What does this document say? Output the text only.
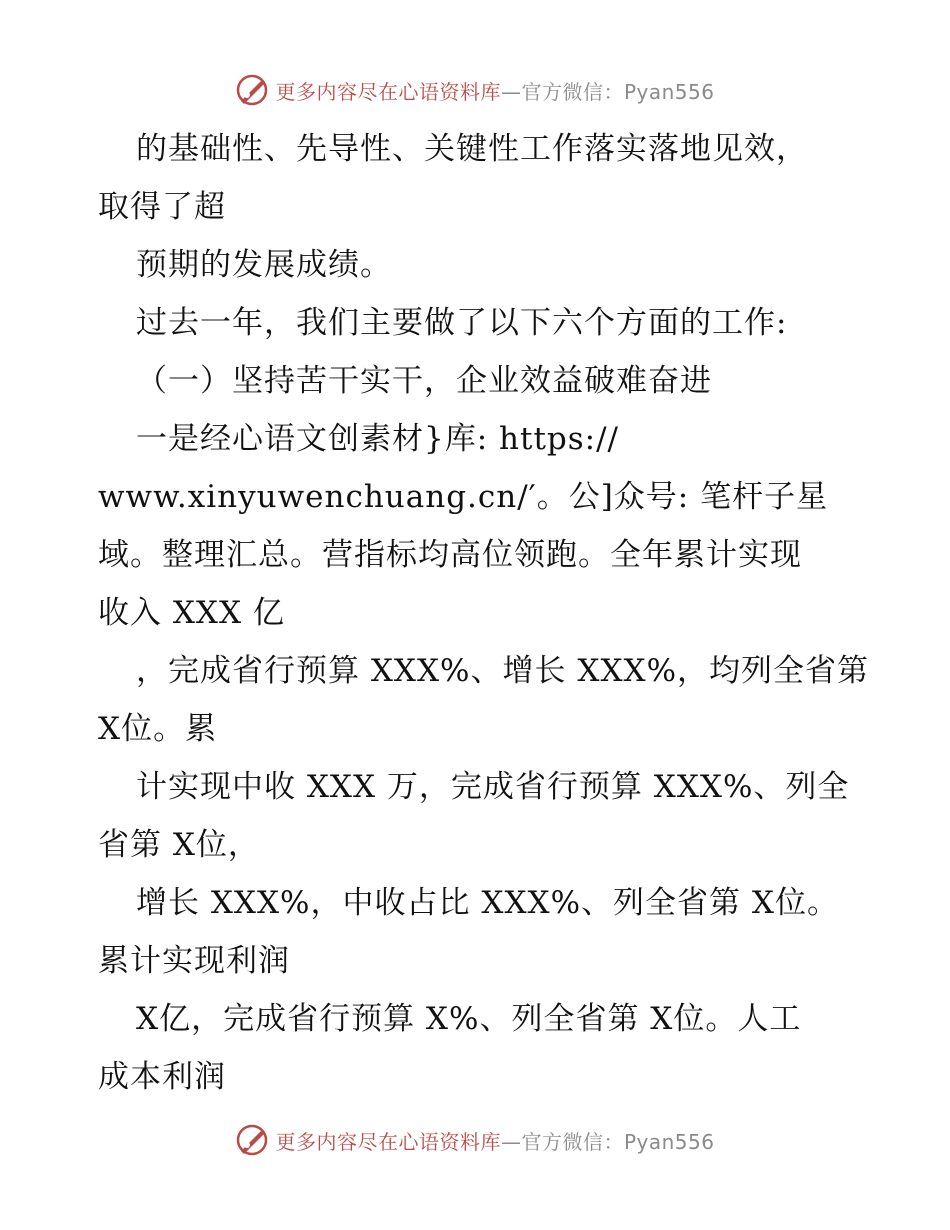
更多内容尽在心语资料库—官方微信：Pyan556
的基础性、先导性、关键性工作落实落地见效，
取得了超
预期的发展成绩。
过去一年，我们主要做了以下六个方面的工作:
（一）坚持苦干实干，企业效益破难奋进
一是经心语文创素材}库: https://
www.xinyuwenchuang.cn/′。公]众号: 笔杆子星
域。整理汇总。营指标均高位领跑。全年累计实现
收入 XXX 亿
，完成省行预算 XXX%、增长 XXX%，均列全省第
X位。累
计实现中收 XXX 万，完成省行预算 XXX%、列全
省第 X位，
增长 XXX%，中收占比 XXX%、列全省第 X位。
累计实现利润
X亿，完成省行预算 X%、列全省第 X位。人工
成本利润
更多内容尽在心语资料库—官方微信：Pyan556
